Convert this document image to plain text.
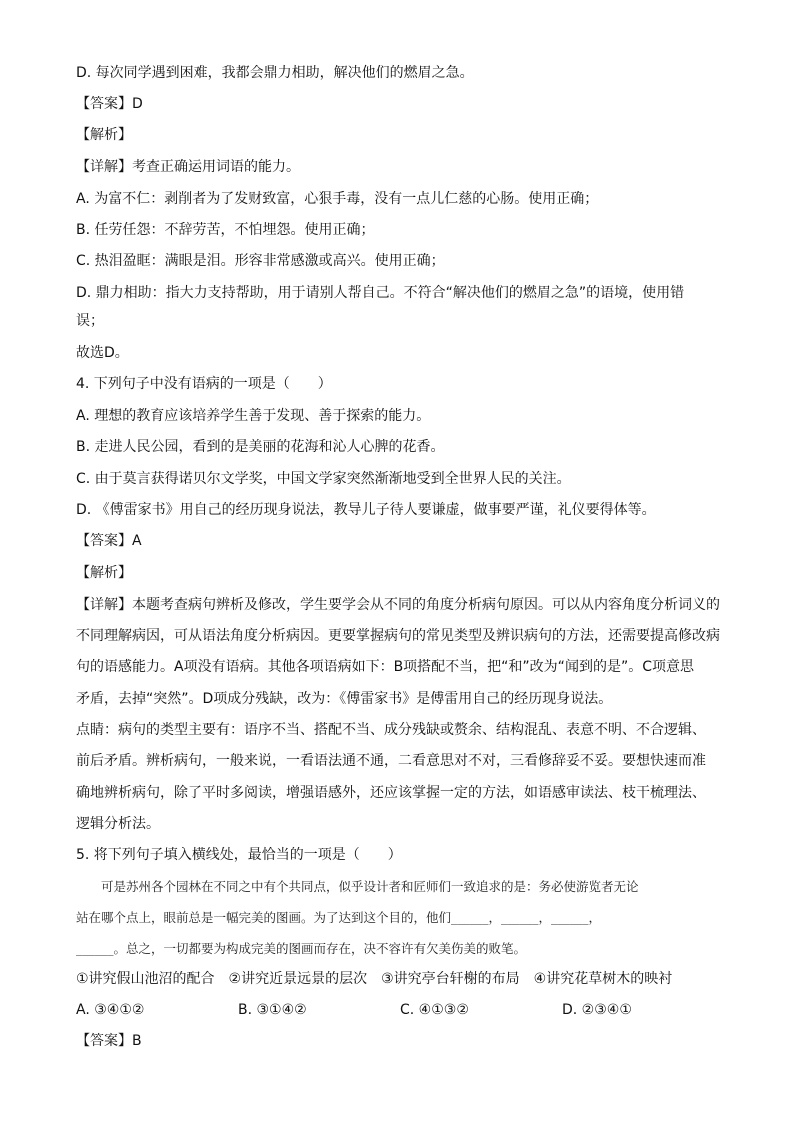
D. 每次同学遇到困难，我都会鼎力相助，解决他们的燃眉之急。
【答案】D
【解析】
【详解】考查正确运用词语的能力。
A. 为富不仁：剥削者为了发财致富，心狠手毒，没有一点儿仁慈的心肠。使用正确；
B. 任劳任怨：不辞劳苦，不怕埋怨。使用正确；
C. 热泪盈眶：满眼是泪。形容非常感激或高兴。使用正确；
D. 鼎力相助：指大力支持帮助，用于请别人帮自己。不符合“解决他们的燃眉之急”的语境，使用错
误；
故选D。
4. 下列句子中没有语病的一项是（　　）
A. 理想的教育应该培养学生善于发现、善于探索的能力。
B. 走进人民公园，看到的是美丽的花海和沁人心脾的花香。
C. 由于莫言获得诺贝尔文学奖，中国文学家突然渐渐地受到全世界人民的关注。
D. 《傅雷家书》用自己的经历现身说法，教导儿子待人要谦虚，做事要严谨，礼仪要得体等。
【答案】A
【解析】
【详解】本题考查病句辨析及修改，学生要学会从不同的角度分析病句原因。可以从内容角度分析词义的
不同理解病因，可从语法角度分析病因。更要掌握病句的常见类型及辨识病句的方法，还需要提高修改病
句的语感能力。A项没有语病。其他各项语病如下：B项搭配不当，把“和”改为“闻到的是”。C项意思
矛盾，去掉“突然”。D项成分残缺，改为：《傅雷家书》是傅雷用自己的经历现身说法。
点睛：病句的类型主要有：语序不当、搭配不当、成分残缺或赘余、结构混乱、表意不明、不合逻辑、
前后矛盾。辨析病句，一般来说，一看语法通不通，二看意思对不对，三看修辞妥不妥。要想快速而准
确地辨析病句，除了平时多阅读，增强语感外，还应该掌握一定的方法，如语感审读法、枝干梳理法、
逻辑分析法。
5. 将下列句子填入横线处，最恰当的一项是（　　）
　　可是苏州各个园林在不同之中有个共同点，似乎设计者和匠师们一致追求的是：务必使游览者无论
站在哪个点上，眼前总是一幅完美的图画。为了达到这个目的，他们______，______，______，
______。总之，一切都要为构成完美的图画而存在，决不容许有欠美伤美的败笔。
①讲究假山池沼的配合　②讲究近景远景的层次　③讲究亭台轩榭的布局　④讲究花草树木的映衬
A. ③④①②	B. ③①④②	C. ④①③②	D. ②③④①
【答案】B
